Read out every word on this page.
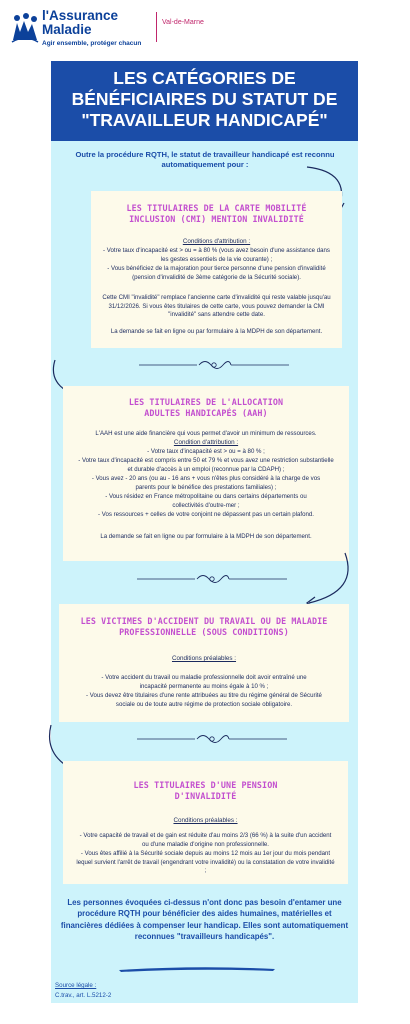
l'Assurance
Maladie
Agir ensemble, protéger chacun
Val-de-Marne
LES CATÉGORIES DE BÉNÉFICIAIRES DU STATUT DE "TRAVAILLEUR HANDICAPÉ"
Outre la procédure RQTH, le statut de travailleur handicapé est reconnu automatiquement pour :
LES TITULAIRES DE LA CARTE MOBILITÉ INCLUSION (CMI) MENTION INVALIDITÉ
Conditions d'attribution :
- Votre taux d'incapacité est > ou = à 80 % (vous avez besoin d'une assistance dans les gestes essentiels de la vie courante) ;
- Vous bénéficiez de la majoration pour tierce personne d'une pension d'invalidité (pension d'invalidité de 3ème catégorie de la Sécurité sociale).
Cette CMI "invalidité" remplace l'ancienne carte d'invalidité qui reste valable jusqu'au 31/12/2026. Si vous êtes titulaires de cette carte, vous pouvez demander la CMI "invalidité" sans attendre cette date.
La demande se fait en ligne ou par formulaire à la MDPH de son département.
LES TITULAIRES DE L'ALLOCATION ADULTES HANDICAPÉS (AAH)
L'AAH est une aide financière qui vous permet d'avoir un minimum de ressources.
Condition d'attribution :
- Votre taux d'incapacité est > ou = à 80 % ;
- Votre taux d'incapacité est compris entre 50 et 79 % et vous avez une restriction substantielle et durable d'accès à un emploi (reconnue par la CDAPH) ;
- Vous avez - 20 ans (ou au - 16 ans + vous n'êtes plus considéré à la charge de vos parents pour le bénéfice des prestations familiales) ;
- Vous résidez en France métropolitaine ou dans certains départements ou collectivités d'outre-mer ;
- Vos ressources + celles de votre conjoint ne dépassent pas un certain plafond.
La demande se fait en ligne ou par formulaire à la MDPH de son département.
LES VICTIMES D'ACCIDENT DU TRAVAIL OU DE MALADIE PROFESSIONNELLE (SOUS CONDITIONS)
Conditions préalables :
- Votre accident du travail ou maladie professionnelle doit avoir entraîné une incapacité permanente au moins égale à 10 % ;
- Vous devez être titulaires d'une rente attribuées au titre du régime général de Sécurité sociale ou de toute autre régime de protection sociale obligatoire.
LES TITULAIRES D'UNE PENSION D'INVALIDITÉ
Conditions préalables :
- Votre capacité de travail et de gain est réduite d'au moins 2/3 (66 %) à la suite d'un accident ou d'une maladie d'origine non professionnelle.
- Vous êtes affilié à la Sécurité sociale depuis au moins 12 mois au 1er jour du mois pendant lequel survient l'arrêt de travail (engendrant votre invalidité) ou la constatation de votre invalidité ;
Les personnes évoquées ci-dessus n'ont donc pas besoin d'entamer une procédure RQTH pour bénéficier des aides humaines, matérielles et financières dédiées à compenser leur handicap. Elles sont automatiquement reconnues "travailleurs handicapés".
Source légale :
C.trav., art. L.5212-2
